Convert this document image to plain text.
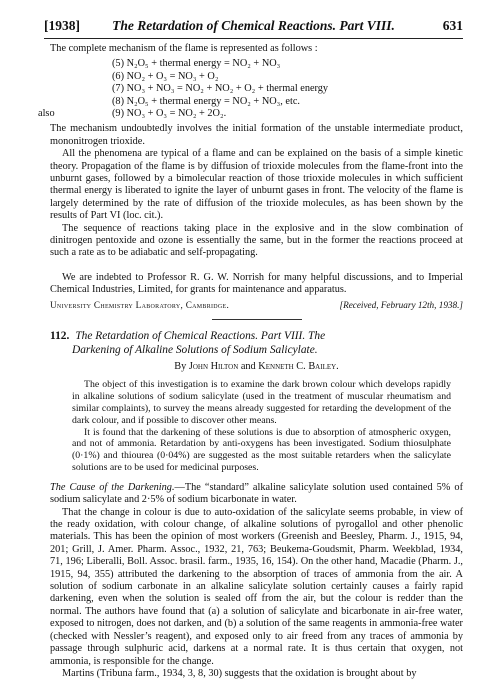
[1938]	The Retardation of Chemical Reactions. Part VIII.	631

The complete mechanism of the flame is represented as follows :

(5) N₂O₅ + thermal energy = NO₂ + NO₃
(6) NO₂ + O₃ = NO₃ + O₂
(7) NO₃ + NO₃ = NO₂ + NO₂ + O₂ + thermal energy
(8) N₂O₅ + thermal energy = NO₂ + NO₃, etc.
also	(9) NO₃ + O₃ = NO₂ + 2O₂.

The mechanism undoubtedly involves the initial formation of the unstable intermediate product, mononitrogen trioxide.

All the phenomena are typical of a flame and can be explained on the basis of a simple kinetic theory. Propagation of the flame is by diffusion of trioxide molecules from the flame-front into the unburnt gases, followed by a bimolecular reaction of those trioxide molecules in which sufficient thermal energy is liberated to ignite the layer of unburnt gases in front. The velocity of the flame is largely determined by the rate of diffusion of the trioxide molecules, as has been shown by the results of Part VI (loc. cit.).

The sequence of reactions taking place in the explosive and in the slow combination of dinitrogen pentoxide and ozone is essentially the same, but in the former the reactions proceed at such a rate as to be adiabatic and self-propagating.

We are indebted to Professor R. G. W. Norrish for many helpful discussions, and to Imperial Chemical Industries, Limited, for grants for maintenance and apparatus.

University Chemistry Laboratory, Cambridge.	[Received, February 12th, 1938.]
112. The Retardation of Chemical Reactions. Part VIII. The
Darkening of Alkaline Solutions of Sodium Salicylate.
By John Hilton and Kenneth C. Bailey.

The object of this investigation is to examine the dark brown colour which develops rapidly in alkaline solutions of sodium salicylate (used in the treatment of muscular rheumatism and similar complaints), to survey the means already suggested for retarding the development of the dark colour, and if possible to discover other means.

It is found that the darkening of these solutions is due to absorption of atmospheric oxygen, and not of ammonia. Retardation by anti-oxygens has been investigated. Sodium thiosulphate (0·1%) and thiourea (0·04%) are suggested as the most suitable retarders when the salicylate solutions are to be used for medicinal purposes.

The Cause of the Darkening.—The “standard” alkaline salicylate solution used contained 5% of sodium salicylate and 2·5% of sodium bicarbonate in water.

That the change in colour is due to auto-oxidation of the salicylate seems probable, in view of the ready oxidation, with colour change, of alkaline solutions of pyrogallol and other phenolic materials. This has been the opinion of most workers (Greenish and Beesley, Pharm. J., 1915, 94, 201; Grill, J. Amer. Pharm. Assoc., 1932, 21, 763; Beukema-Goudsmit, Pharm. Weekblad, 1934, 71, 196; Liberalli, Boll. Assoc. brasil. farm., 1935, 16, 154). On the other hand, Macadie (Pharm. J., 1915, 94, 355) attributed the darkening to the absorption of traces of ammonia from the air. A solution of sodium carbonate in an alkaline salicylate solution certainly causes a fairly rapid darkening, even when the solution is sealed off from the air, but the colour is redder than the normal. The authors have found that (a) a solution of salicylate and bicarbonate in air-free water, exposed to nitrogen, does not darken, and (b) a solution of the same reagents in ammonia-free water (checked with Nessler’s reagent), and exposed only to air freed from any traces of ammonia by passage through sulphuric acid, darkens at a normal rate. It is thus certain that oxygen, not ammonia, is responsible for the change.

Martins (Tribuna farm., 1934, 3, 8, 30) suggests that the oxidation is brought about by
